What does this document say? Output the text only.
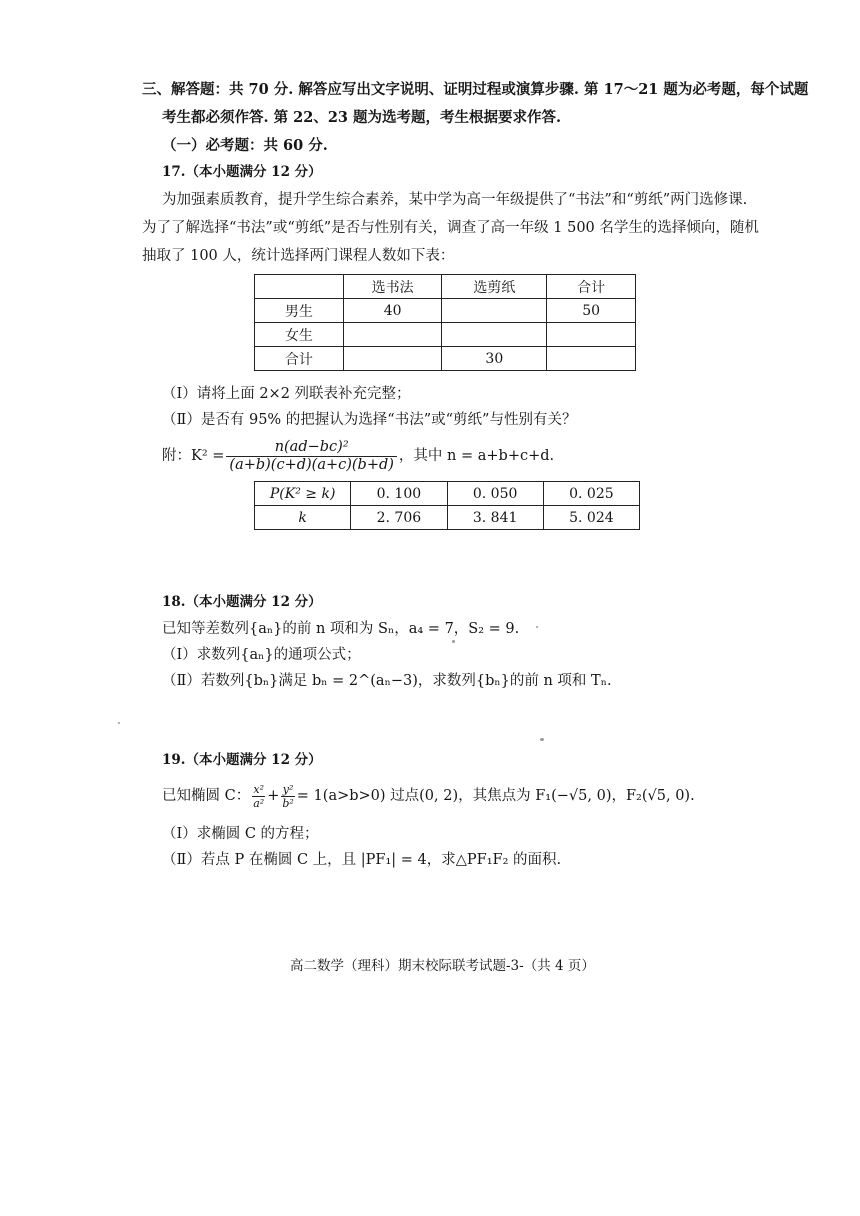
三、解答题：共 70 分. 解答应写出文字说明、证明过程或演算步骤. 第 17～21 题为必考题，每个试题
考生都必须作答. 第 22、23 题为选考题，考生根据要求作答.
（一）必考题：共 60 分.
17.（本小题满分 12 分）
为加强素质教育，提升学生综合素养，某中学为高一年级提供了“书法”和“剪纸”两门选修课.
为了了解选择“书法”或“剪纸”是否与性别有关，调查了高一年级 1 500 名学生的选择倾向，随机
抽取了 100 人，统计选择两门课程人数如下表：
	选书法	选剪纸	合计
男生	40		50
女生			
合计		30	
（Ⅰ）请将上面 2×2 列联表补充完整；
（Ⅱ）是否有 95% 的把握认为选择“书法”或“剪纸”与性别有关？
附：$K^2 = \frac{\text{n(ad−bc)²}}{(a+b)(c+d)(a+c)(b+d)}$ ，其中 n = a+b+c+d.
P(K² ≥ k)	0. 100	0. 050	0. 025
k	2. 706	3. 841	5. 024
18.（本小题满分 12 分）
已知等差数列{aₙ}的前 n 项和为 Sₙ，a₄ = 7，S₂ = 9.
（Ⅰ）求数列{aₙ}的通项公式；
（Ⅱ）若数列{bₙ}满足 bₙ = 2^(aₙ−3)，求数列{bₙ}的前 n 项和 Tₙ.
19.（本小题满分 12 分）
已知椭圆 C： $\frac{\text{x²}}{\text{a²}} + \frac{\text{y²}}{\text{b²}} = 1(a>b>0)$ 过点(0, 2)，其焦点为 F₁(−√5, 0)，F₂(√5, 0).
（Ⅰ）求椭圆 C 的方程；
（Ⅱ）若点 P 在椭圆 C 上，且 |PF₁| = 4，求△PF₁F₂ 的面积.
高二数学（理科）期末校际联考试题-3-（共 4 页）
